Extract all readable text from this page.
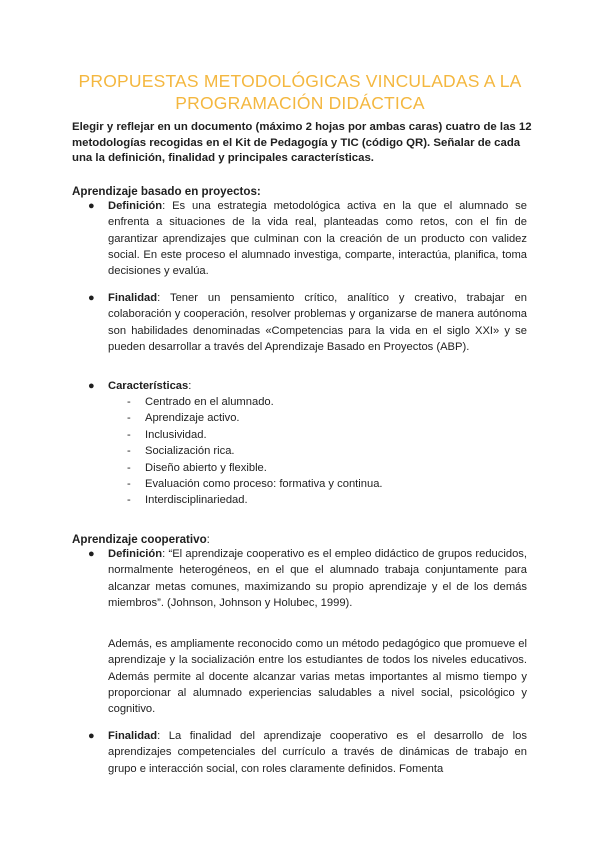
PROPUESTAS METODOLÓGICAS VINCULADAS A LA PROGRAMACIÓN DIDÁCTICA
Elegir y reflejar en un documento (máximo 2 hojas por ambas caras) cuatro de las 12 metodologías recogidas en el Kit de Pedagogía y TIC (código QR). Señalar de cada una la definición, finalidad y principales características.
Aprendizaje basado en proyectos:
● Definición: Es una estrategia metodológica activa en la que el alumnado se enfrenta a situaciones de la vida real, planteadas como retos, con el fin de garantizar aprendizajes que culminan con la creación de un producto con validez social. En este proceso el alumnado investiga, comparte, interactúa, planifica, toma decisiones y evalúa.
● Finalidad: Tener un pensamiento crítico, analítico y creativo, trabajar en colaboración y cooperación, resolver problemas y organizarse de manera autónoma son habilidades denominadas «Competencias para la vida en el siglo XXI» y se pueden desarrollar a través del Aprendizaje Basado en Proyectos (ABP).
● Características:
- Centrado en el alumnado.
- Aprendizaje activo.
- Inclusividad.
- Socialización rica.
- Diseño abierto y flexible.
- Evaluación como proceso: formativa y continua.
- Interdisciplinariedad.
Aprendizaje cooperativo:
● Definición: “El aprendizaje cooperativo es el empleo didáctico de grupos reducidos, normalmente heterogéneos, en el que el alumnado trabaja conjuntamente para alcanzar metas comunes, maximizando su propio aprendizaje y el de los demás miembros”. (Johnson, Johnson y Holubec, 1999).
Además, es ampliamente reconocido como un método pedagógico que promueve el aprendizaje y la socialización entre los estudiantes de todos los niveles educativos. Además permite al docente alcanzar varias metas importantes al mismo tiempo y proporcionar al alumnado experiencias saludables a nivel social, psicológico y cognitivo.
● Finalidad: La finalidad del aprendizaje cooperativo es el desarrollo de los aprendizajes competenciales del currículo a través de dinámicas de trabajo en grupo e interacción social, con roles claramente definidos. Fomenta
